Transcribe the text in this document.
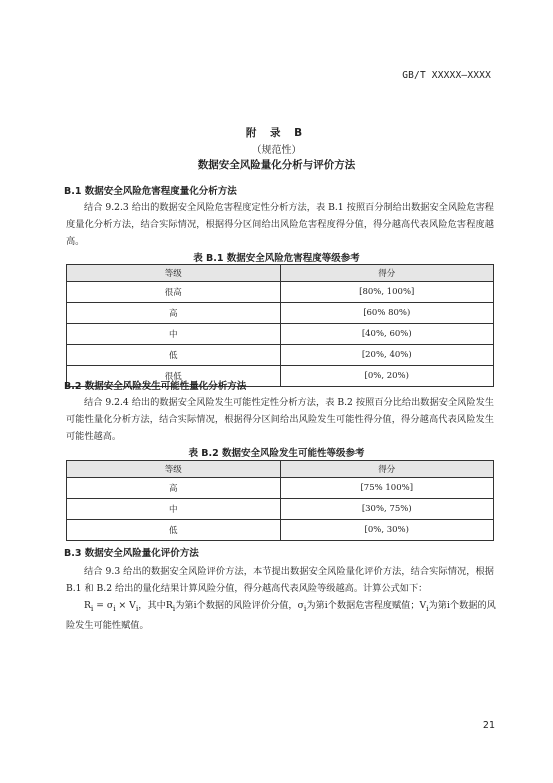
GB/T XXXXX—XXXX
附 录 B
（规范性）
数据安全风险量化分析与评价方法
B.1 数据安全风险危害程度量化分析方法
结合 9.2.3 给出的数据安全风险危害程度定性分析方法，表 B.1 按照百分制给出数据安全风险危害程度量化分析方法，结合实际情况，根据得分区间给出风险危害程度得分值，得分越高代表风险危害程度越高。
表 B.1 数据安全风险危害程度等级参考
等级	得分
很高	[80%, 100%]
高	[60% 80%)
中	[40%, 60%)
低	[20%, 40%)
很低	[0%, 20%)
B.2 数据安全风险发生可能性量化分析方法
结合 9.2.4 给出的数据安全风险发生可能性定性分析方法，表 B.2 按照百分比给出数据安全风险发生可能性量化分析方法，结合实际情况，根据得分区间给出风险发生可能性得分值，得分越高代表风险发生可能性越高。
表 B.2 数据安全风险发生可能性等级参考
等级	得分
高	[75% 100%]
中	[30%, 75%)
低	[0%, 30%)
B.3 数据安全风险量化评价方法
结合 9.3 给出的数据安全风险评价方法，本节提出数据安全风险量化评价方法，结合实际情况，根据 B.1 和 B.2 给出的量化结果计算风险分值，得分越高代表风险等级越高。计算公式如下：
$R_i = \sigma_i \times V_i$，其中$R_i$为第i个数据的风险评价分值，$\sigma_i$为第i个数据危害程度赋值；$V_i$为第i个数据的风险发生可能性赋值。
21
